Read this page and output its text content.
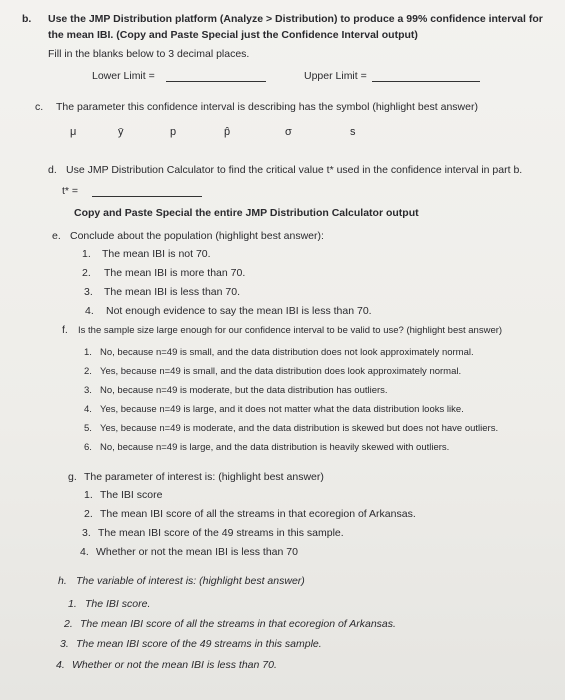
b. Use the JMP Distribution platform (Analyze > Distribution) to produce a 99% confidence interval for
the mean IBI. (Copy and Paste Special just the Confidence Interval output)
Fill in the blanks below to 3 decimal places.
Lower Limit =	Upper Limit =
c. The parameter this confidence interval is describing has the symbol (highlight best answer)
μ	ȳ	p	p̂	σ	s
d. Use JMP Distribution Calculator to find the critical value t* used in the confidence interval in part b.
t* =
Copy and Paste Special the entire JMP Distribution Calculator output
e. Conclude about the population (highlight best answer):
1. The mean IBI is not 70.
2. The mean IBI is more than 70.
3. The mean IBI is less than 70.
4. Not enough evidence to say the mean IBI is less than 70.
f. Is the sample size large enough for our confidence interval to be valid to use? (highlight best answer)
1. No, because n=49 is small, and the data distribution does not look approximately normal.
2. Yes, because n=49 is small, and the data distribution does look approximately normal.
3. No, because n=49 is moderate, but the data distribution has outliers.
4. Yes, because n=49 is large, and it does not matter what the data distribution looks like.
5. Yes, because n=49 is moderate, and the data distribution is skewed but does not have outliers.
6. No, because n=49 is large, and the data distribution is heavily skewed with outliers.
g. The parameter of interest is: (highlight best answer)
1. The IBI score
2. The mean IBI score of all the streams in that ecoregion of Arkansas.
3. The mean IBI score of the 49 streams in this sample.
4. Whether or not the mean IBI is less than 70
h. The variable of interest is: (highlight best answer)
1. The IBI score.
2. The mean IBI score of all the streams in that ecoregion of Arkansas.
3. The mean IBI score of the 49 streams in this sample.
4. Whether or not the mean IBI is less than 70.
